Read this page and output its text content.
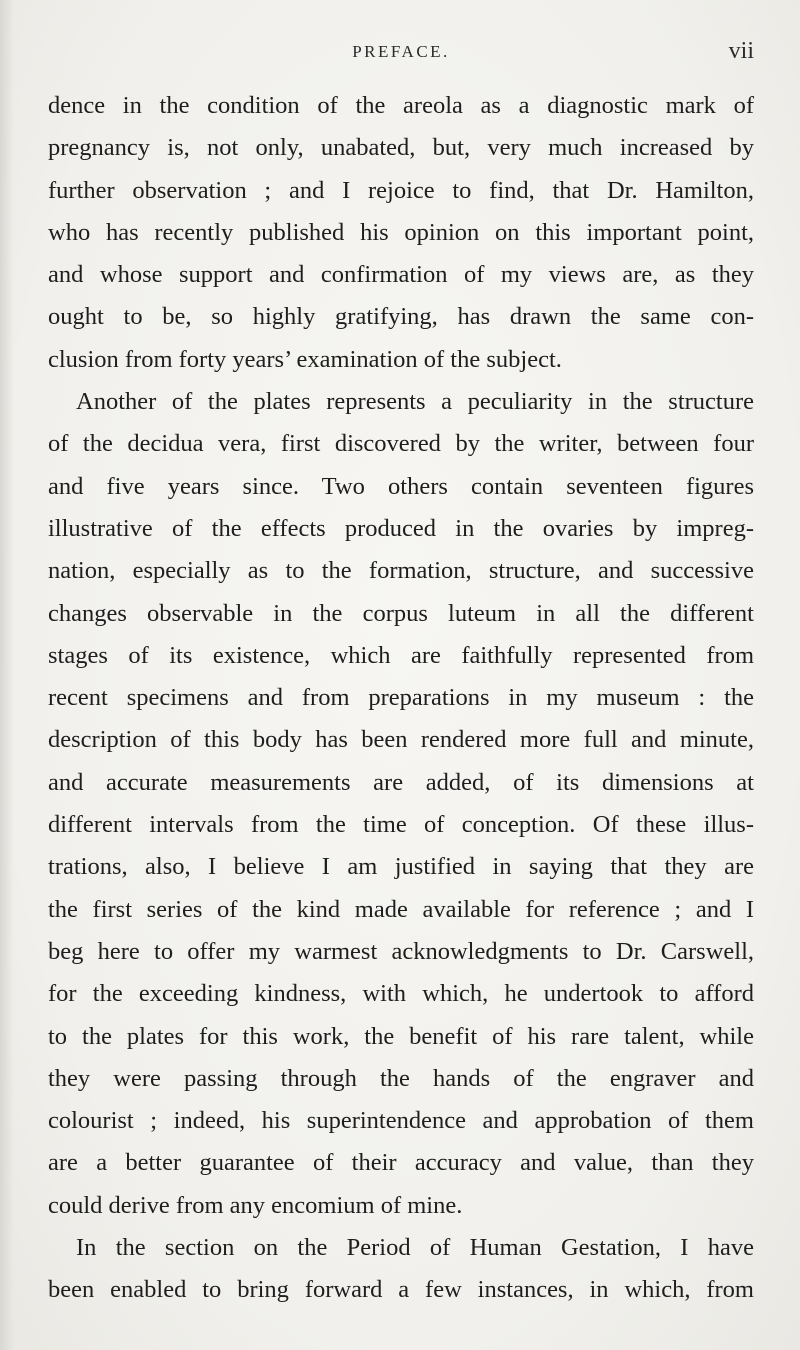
PREFACE.	vii
dence in the condition of the areola as a diagnostic mark of
pregnancy is, not only, unabated, but, very much increased by
further observation ; and I rejoice to find, that Dr. Hamilton,
who has recently published his opinion on this important point,
and whose support and confirmation of my views are, as they
ought to be, so highly gratifying, has drawn the same con-
clusion from forty years’ examination of the subject.
Another of the plates represents a peculiarity in the structure
of the decidua vera, first discovered by the writer, between four
and five years since. Two others contain seventeen figures
illustrative of the effects produced in the ovaries by impreg-
nation, especially as to the formation, structure, and successive
changes observable in the corpus luteum in all the different
stages of its existence, which are faithfully represented from
recent specimens and from preparations in my museum : the
description of this body has been rendered more full and minute,
and accurate measurements are added, of its dimensions at
different intervals from the time of conception. Of these illus-
trations, also, I believe I am justified in saying that they are
the first series of the kind made available for reference ; and I
beg here to offer my warmest acknowledgments to Dr. Carswell,
for the exceeding kindness, with which, he undertook to afford
to the plates for this work, the benefit of his rare talent, while
they were passing through the hands of the engraver and
colourist ; indeed, his superintendence and approbation of them
are a better guarantee of their accuracy and value, than they
could derive from any encomium of mine.
In the section on the Period of Human Gestation, I have
been enabled to bring forward a few instances, in which, from
